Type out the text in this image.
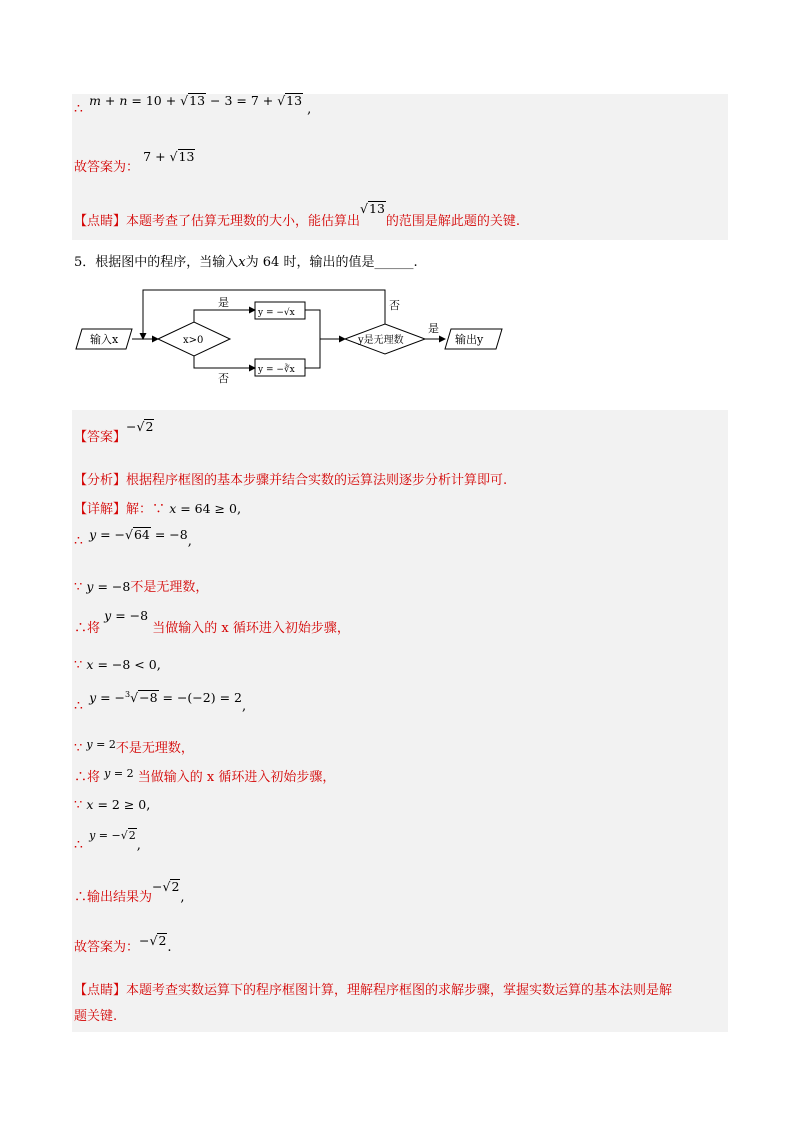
∴ m + n = 10 + √13 − 3 = 7 + √13 ,
故答案为： 7 + √13
【点睛】本题考查了估算无理数的大小，能估算出√13的范围是解此题的关键.
5．根据图中的程序，当输入x为 64 时，输出的值是______.
输入x	x>0
是
否
y = −√x
y = −∛x
y是无理数
是
输出y
否
【答案】−√2
【分析】根据程序框图的基本步骤并结合实数的运算法则逐步分析计算即可.
【详解】解：∵ x = 64 ≥ 0,
∴ y = −√64 = −8,
∵ y = −8不是无理数，
∴将 y = −8 当做输入的 x 循环进入初始步骤，
∵ x = −8 < 0,
∴ y = −$^3$√−8 = −(−2) = 2,
∵ $^{y = 2}$不是无理数，
∴将 $^{y = 2}$ 当做输入的 x 循环进入初始步骤，
∵ x = 2 ≥ 0,
∴ $^{y = -√2}$,
∴输出结果为−√2,
故答案为：−√2.
【点睛】本题考查实数运算下的程序框图计算，理解程序框图的求解步骤，掌握实数运算的基本法则是解
题关键.
